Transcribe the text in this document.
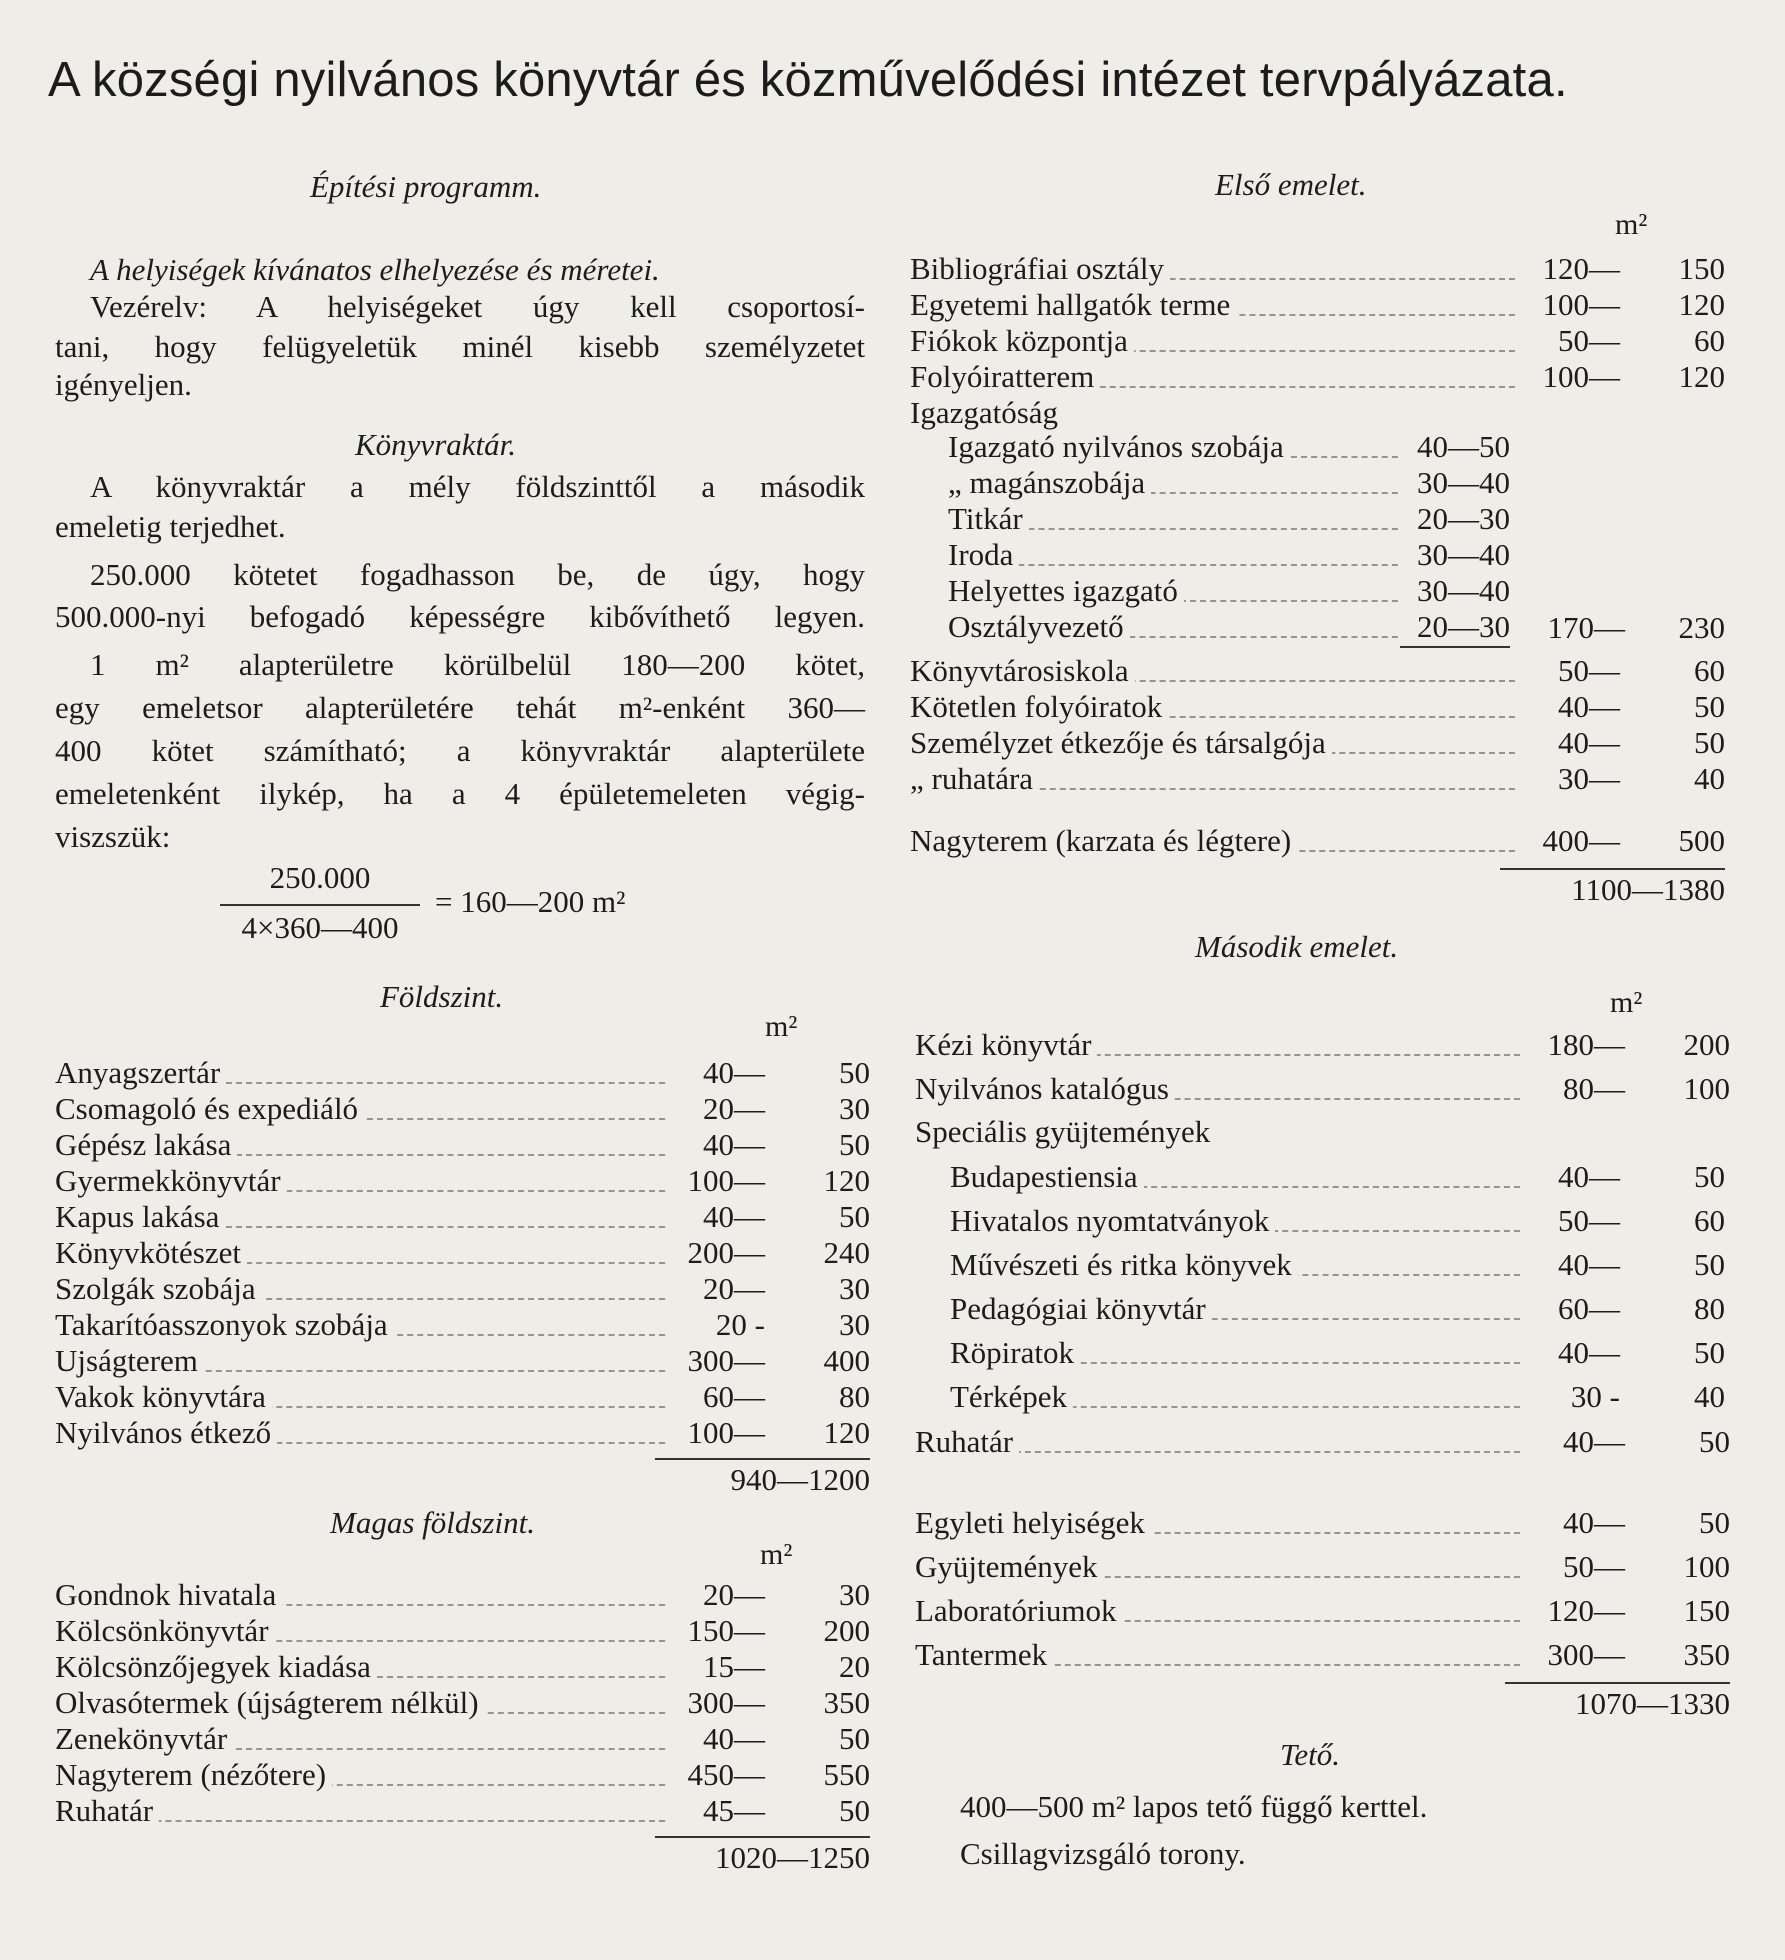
A községi nyilvános könyvtár és közművelődési intézet tervpályázata.
Építési programm.
A helyiségek kívánatos elhelyezése és méretei.
Vezérelv: A helyiségeket úgy kell csoportosí-
tani, hogy felügyeletük minél kisebb személyzetet
igényeljen.
Könyvraktár.
A könyvraktár a mély földszinttől a második
emeletig terjedhet.
250.000 kötetet fogadhasson be, de úgy, hogy
500.000-nyi befogadó képességre kibővíthető legyen.
1 m² alapterületre körülbelül 180—200 kötet,
egy emeletsor alapterületére tehát m²-enként 360—
400 kötet számítható; a könyvraktár alapterülete
emeletenként ilykép, ha a 4 épületemeleten végig-
viszszük:
250.000
4×360—400
= 160—200 m²
Földszint.
m²
Anyagszertár	40—	50
Csomagoló és expediáló	20—	30
Gépész lakása	40—	50
Gyermekkönyvtár	100—	120
Kapus lakása	40—	50
Könyvkötészet	200—	240
Szolgák szobája	20—	30
Takarítóasszonyok szobája	20 -	30
Ujságterem	300—	400
Vakok könyvtára	60—	80
Nyilvános étkező	100—	120
940—1200
Magas földszint.
m²
Gondnok hivatala	20—	30
Kölcsönkönyvtár	150—	200
Kölcsönzőjegyek kiadása	15—	20
Olvasótermek (újságterem nélkül)	300—	350
Zenekönyvtár	40—	50
Nagyterem (nézőtere)	450—	550
Ruhatár	45—	50
1020—1250
Első emelet.
m²
Bibliográfiai osztály	120—	150
Egyetemi hallgatók terme	100—	120
Fiókok központja	50—	60
Folyóiratterem	100—	120
Igazgatóság
Igazgató nyilvános szobája	40—50
„ magánszobája	30—40
Titkár	20—30
Iroda	30—40
Helyettes igazgató	30—40
Osztályvezető	20—30	170—	230
Könyvtárosiskola	50—	60
Kötetlen folyóiratok	40—	50
Személyzet étkezője és társalgója	40—	50
„ ruhatára	30—	40
Nagyterem (karzata és légtere)	400—	500
1100—1380
Második emelet.
m²
Kézi könyvtár	180—	200
Nyilvános katalógus	80—	100
Speciális gyüjtemények
Budapestiensia	40—	50
Hivatalos nyomtatványok	50—	60
Művészeti és ritka könyvek	40—	50
Pedagógiai könyvtár	60—	80
Röpiratok	40—	50
Térképek	30 -	40
Ruhatár	40—	50
Egyleti helyiségek	40—	50
Gyüjtemények	50—	100
Laboratóriumok	120—	150
Tantermek	300—	350
1070—1330
Tető.
400—500 m² lapos tető függő kerttel.
Csillagvizsgáló torony.
